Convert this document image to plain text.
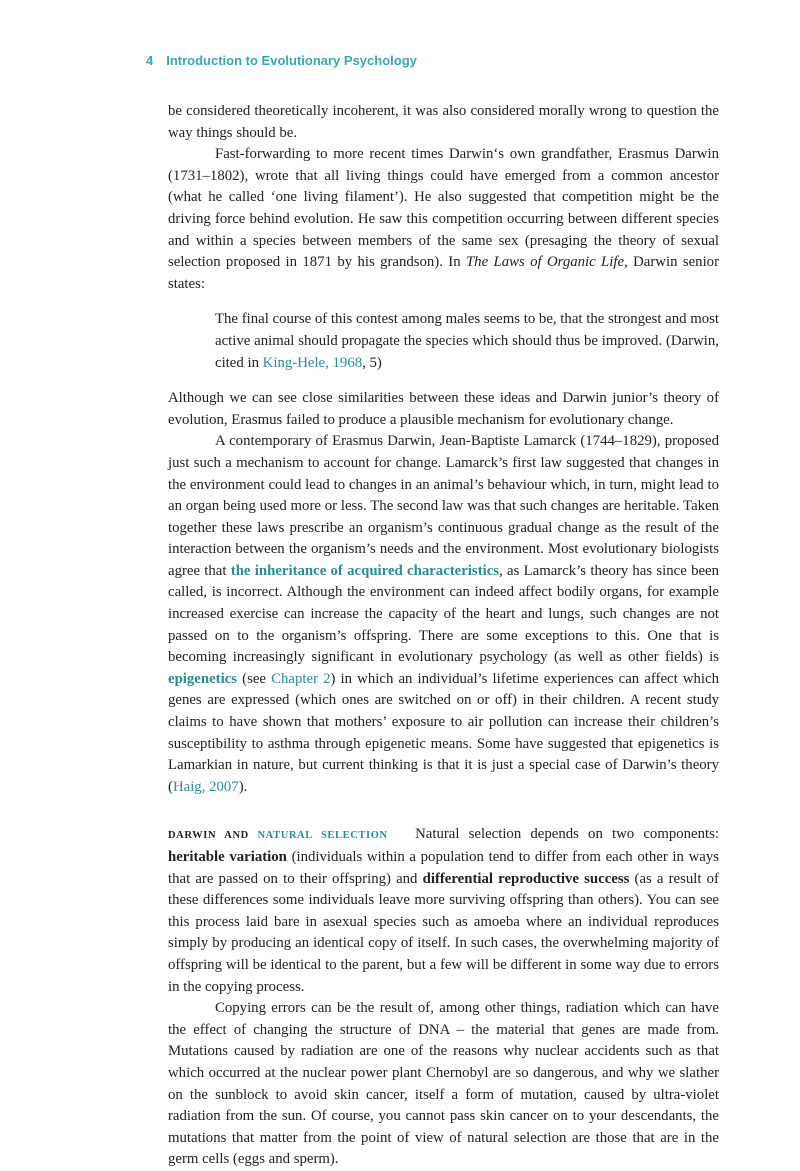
4 Introduction to Evolutionary Psychology

be considered theoretically incoherent, it was also considered morally wrong to question the way things should be.

Fast-forwarding to more recent times Darwin‘s own grandfather, Erasmus Darwin (1731–1802), wrote that all living things could have emerged from a common ancestor (what he called ‘one living filament’). He also suggested that competition might be the driving force behind evolution. He saw this competition occurring between different species and within a species between members of the same sex (presaging the theory of sexual selection proposed in 1871 by his grandson). In The Laws of Organic Life, Darwin senior states:

The final course of this contest among males seems to be, that the strongest and most active animal should propagate the species which should thus be improved. (Darwin, cited in King-Hele, 1968, 5)

Although we can see close similarities between these ideas and Darwin junior’s theory of evolution, Erasmus failed to produce a plausible mechanism for evolutionary change.

A contemporary of Erasmus Darwin, Jean-Baptiste Lamarck (1744–1829), proposed just such a mechanism to account for change. Lamarck’s first law suggested that changes in the environment could lead to changes in an animal’s behaviour which, in turn, might lead to an organ being used more or less. The second law was that such changes are heritable. Taken together these laws prescribe an organism’s continuous gradual change as the result of the interaction between the organism’s needs and the environment. Most evolutionary biologists agree that the inheritance of acquired characteristics, as Lamarck’s theory has since been called, is incorrect. Although the environment can indeed affect bodily organs, for example increased exercise can increase the capacity of the heart and lungs, such changes are not passed on to the organism’s offspring. There are some exceptions to this. One that is becoming increasingly significant in evolutionary psychology (as well as other fields) is epigenetics (see Chapter 2) in which an individual’s lifetime experiences can affect which genes are expressed (which ones are switched on or off) in their children. A recent study claims to have shown that mothers’ exposure to air pollution can increase their children’s susceptibility to asthma through epigenetic means. Some have suggested that epigenetics is Lamarkian in nature, but current thinking is that it is just a special case of Darwin’s theory (Haig, 2007).

DARWIN AND NATURAL SELECTION Natural selection depends on two components: heritable variation (individuals within a population tend to differ from each other in ways that are passed on to their offspring) and differential reproductive success (as a result of these differences some individuals leave more surviving offspring than others). You can see this process laid bare in asexual species such as amoeba where an individual reproduces simply by producing an identical copy of itself. In such cases, the overwhelming majority of offspring will be identical to the parent, but a few will be different in some way due to errors in the copying process.

Copying errors can be the result of, among other things, radiation which can have the effect of changing the structure of DNA – the material that genes are made from. Mutations caused by radiation are one of the reasons why nuclear accidents such as that which occurred at the nuclear power plant Chernobyl are so dangerous, and why we slather on the sunblock to avoid skin cancer, itself a form of mutation, caused by ultra-violet radiation from the sun. Of course, you cannot pass skin cancer on to your descendants, the mutations that matter from the point of view of natural selection are those that are in the germ cells (eggs and sperm).
